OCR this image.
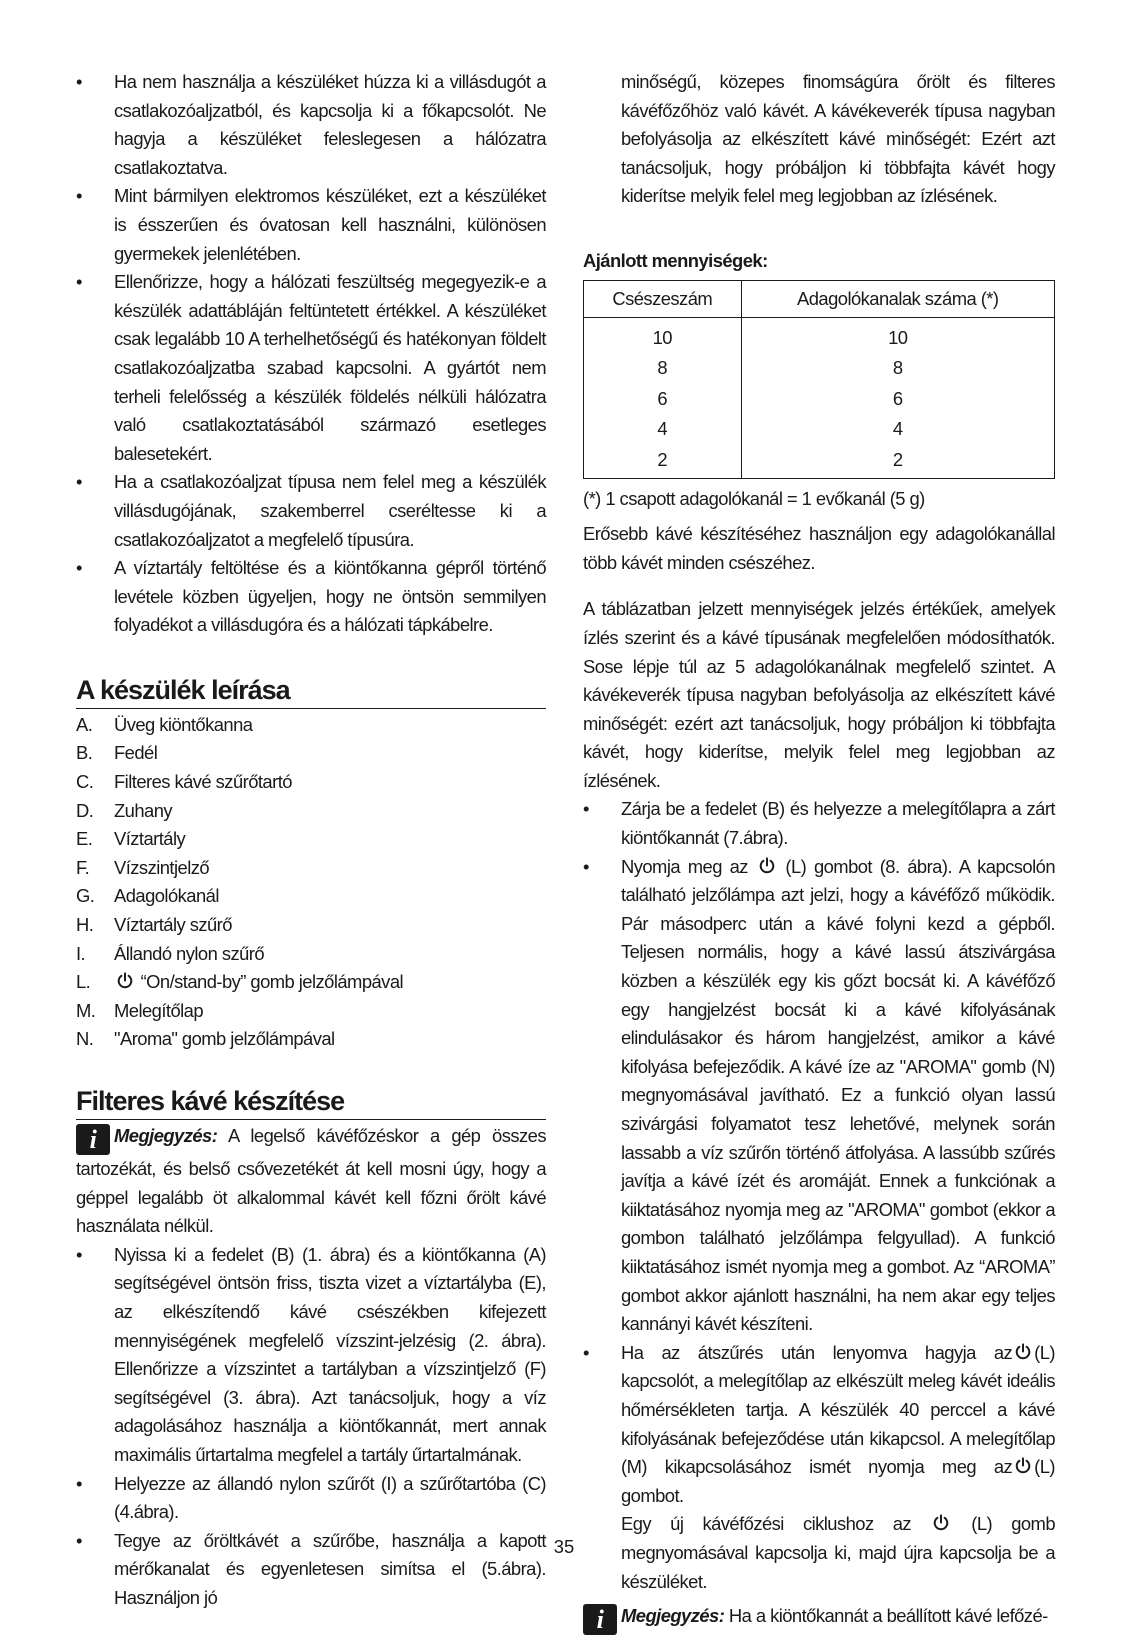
• Ha nem használja a készüléket húzza ki a villásdugót a csatlakozóaljzatból, és kapcsolja ki a főkapcsolót. Ne hagyja a készüléket feleslegesen a hálózatra csatlakoztatva.
• Mint bármilyen elektromos készüléket, ezt a készüléket is ésszerűen és óvatosan kell használni, különösen gyermekek jelenlétében.
• Ellenőrizze, hogy a hálózati feszültség megegyezik-e a készülék adattábláján feltüntetett értékkel. A készüléket csak legalább 10 A terhelhetőségű és hatékonyan földelt csatlakozóaljzatba szabad kapcsolni. A gyártót nem terheli felelősség a készülék földelés nélküli hálózatra való csatlakoztatásából származó esetleges balesetekért.
• Ha a csatlakozóaljzat típusa nem felel meg a készülék villásdugójának, szakemberrel cseréltesse ki a csatlakozóaljzatot a megfelelő típusúra.
• A víztartály feltöltése és a kiöntőkanna gépről történő levétele közben ügyeljen, hogy ne öntsön semmilyen folyadékot a villásdugóra és a hálózati tápkábelre.
A készülék leírása
A.	Üveg kiöntőkanna
B.	Fedél
C.	Filteres kávé szűrőtartó
D.	Zuhany
E.	Víztartály
F.	Vízszintjelző
G.	Adagolókanál
H.	Víztartály szűrő
I.	Állandó nylon szűrő
L.	“On/stand-by” gomb jelzőlámpával
M.	Melegítőlap
N.	"Aroma" gomb jelzőlámpával
Filteres kávé készítése

i Megjegyzés: A legelső kávéfőzéskor a gép összes tartozékát, és belső csővezetékét át kell mosni úgy, hogy a géppel legalább öt alkalommal kávét kell főzni őrölt kávé használata nélkül.

• Nyissa ki a fedelet (B) (1. ábra) és a kiöntőkanna (A) segítségével öntsön friss, tiszta vizet a víztartályba (E), az elkészítendő kávé csészékben kifejezett mennyiségének megfelelő vízszint-jelzésig (2. ábra). Ellenőrizze a vízszintet a tartályban a vízszintjelző (F) segítségével (3. ábra). Azt tanácsoljuk, hogy a víz adagolásához használja a kiöntőkannát, mert annak maximális űrtartalma megfelel a tartály űrtartalmának.
• Helyezze az állandó nylon szűrőt (I) a szűrőtartóba (C) (4.ábra).
• Tegye az őröltkávét a szűrőbe, használja a kapott mérőkanalat és egyenletesen simítsa el (5.ábra). Használjon jó
minőségű, közepes finomságúra őrölt és filteres kávéfőzőhöz való kávét. A kávékeverék típusa nagyban befolyásolja az elkészített kávé minőségét: Ezért azt tanácsoljuk, hogy próbáljon ki többfajta kávét hogy kiderítse melyik felel meg legjobban az ízlésének.

Ajánlott mennyiségek:

Csészeszám	Adagolókanalak száma (*)
10	10
8	8
6	6
4	4
2	2

(*) 1 csapott adagolókanál = 1 evőkanál (5 g)

Erősebb kávé készítéséhez használjon egy adagolókanállal több kávét minden csészéhez.

A táblázatban jelzett mennyiségek jelzés értékűek, amelyek ízlés szerint és a kávé típusának megfelelően módosíthatók. Sose lépje túl az 5 adagolókanálnak megfelelő szintet. A kávékeverék típusa nagyban befolyásolja az elkészített kávé minőségét: ezért azt tanácsoljuk, hogy próbáljon ki többfajta kávét, hogy kiderítse, melyik felel meg legjobban az ízlésének.

• Zárja be a fedelet (B) és helyezze a melegítőlapra a zárt kiöntőkannát (7.ábra).
• Nyomja meg az  (L) gombot (8. ábra). A kapcsolón található jelzőlámpa azt jelzi, hogy a kávéfőző működik. Pár másodperc után a kávé folyni kezd a gépből. Teljesen normális, hogy a kávé lassú átszivárgása közben a készülék egy kis gőzt bocsát ki. A kávéfőző egy hangjelzést bocsát ki a kávé kifolyásának elindulásakor és három hangjelzést, amikor a kávé kifolyása befejeződik. A kávé íze az "AROMA" gomb (N) megnyomásával javítható. Ez a funkció olyan lassú szivárgási folyamatot tesz lehetővé, melynek során lassabb a víz szűrőn történő átfolyása. A lassúbb szűrés javítja a kávé ízét és aromáját. Ennek a funkciónak a kiiktatásához nyomja meg az "AROMA" gombot (ekkor a gombon található jelzőlámpa felgyullad). A funkció kiiktatásához ismét nyomja meg a gombot. Az “AROMA” gombot akkor ajánlott használni, ha nem akar egy teljes kannányi kávét készíteni.
• Ha az átszűrés után lenyomva hagyja az (L) kapcsolót, a melegítőlap az elkészült meleg kávét ideális hőmérsékleten tartja. A készülék 40 perccel a kávé kifolyásának befejeződése után kikapcsol. A melegítőlap (M) kikapcsolásához ismét nyomja meg az (L) gombot.
Egy új kávéfőzési ciklushoz az  (L) gomb megnyomásával kapcsolja ki, majd újra kapcsolja be a készüléket.

i Megjegyzés: Ha a kiöntőkannát a beállított kávé lefőzé-

35
